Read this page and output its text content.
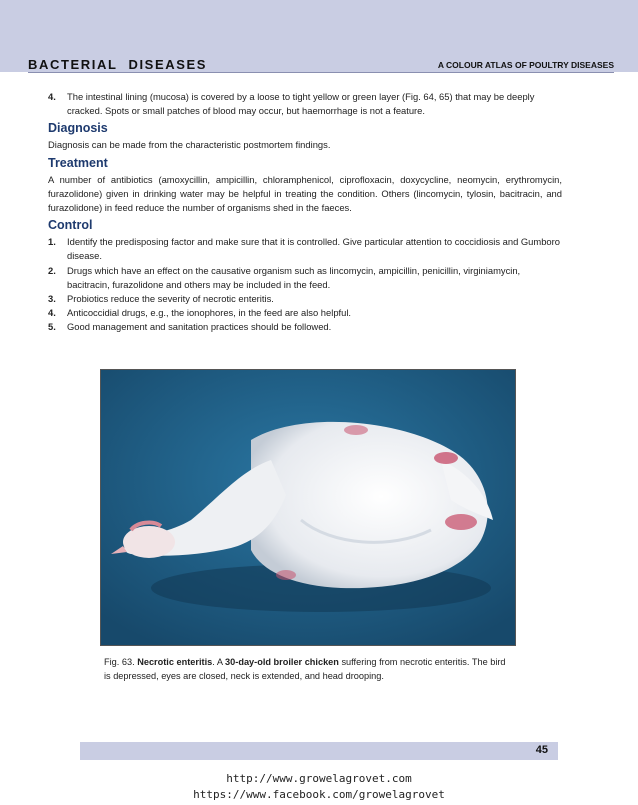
BACTERIAL DISEASES	A COLOUR ATLAS OF POULTRY DISEASES
4.	The intestinal lining (mucosa) is covered by a loose to tight yellow or green layer (Fig. 64, 65) that may be deeply cracked. Spots or small patches of blood may occur, but haemorrhage is not a feature.
Diagnosis

Diagnosis can be made from the characteristic postmortem findings.

Treatment

A number of antibiotics (amoxycillin, ampicillin, chloramphenicol, ciprofloxacin, doxycycline, neomycin, erythromycin, furazolidone) given in drinking water may be helpful in treating the condition. Others (lincomycin, tylosin, bacitracin, and furazolidone) in feed reduce the number of organisms shed in the faeces.

Control
1.	Identify the predisposing factor and make sure that it is controlled. Give particular attention to coccidiosis and Gumboro disease.
2.	Drugs which have an effect on the causative organism such as lincomycin, ampicillin, penicillin, virginiamycin, bacitracin, furazolidone and others may be included in the feed.
3.	Probiotics reduce the severity of necrotic enteritis.
4.	Anticoccidial drugs, e.g., the ionophores, in the feed are also helpful.
5.	Good management and sanitation practices should be followed.
Fig. 63. Necrotic enteritis. A 30-day-old broiler chicken suffering from necrotic enteritis. The bird is depressed, eyes are closed, neck is extended, and head drooping.
45
http://www.growelagrovet.com
https://www.facebook.com/growelagrovet
